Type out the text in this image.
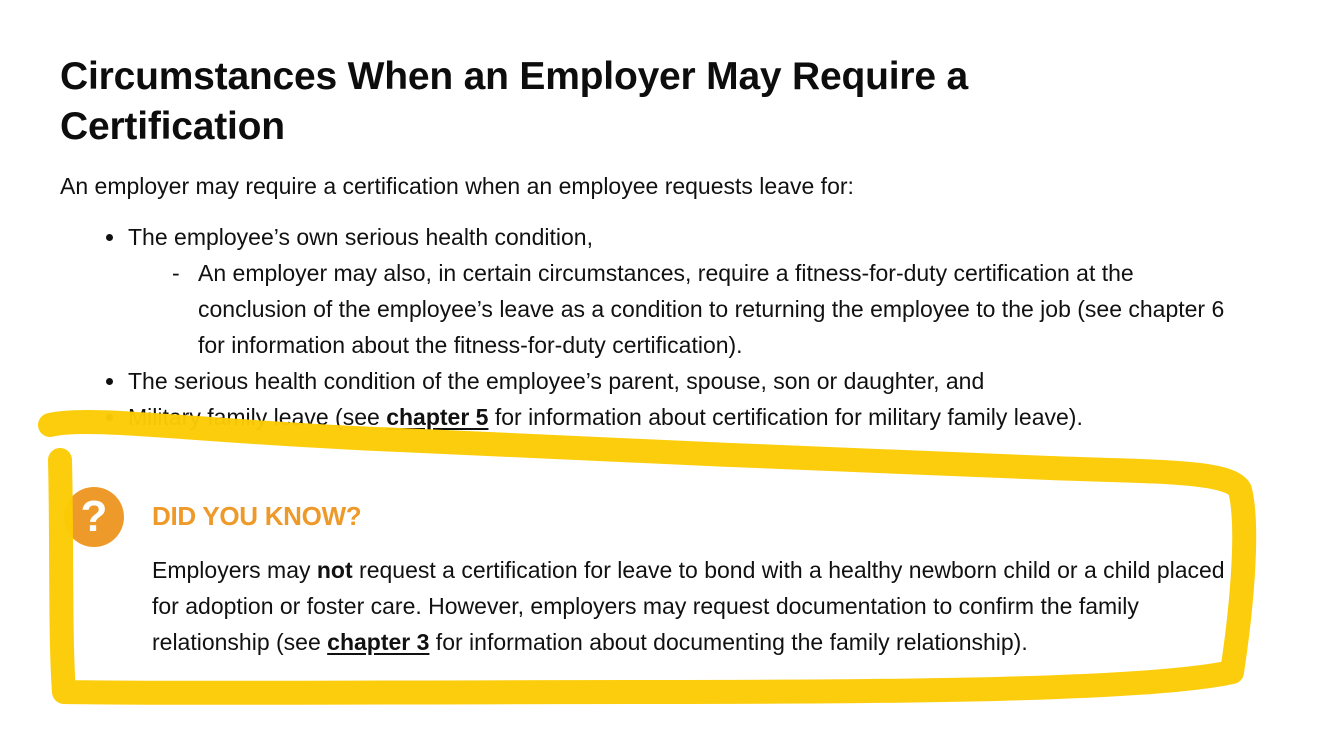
Circumstances When an Employer May Require a Certification

An employer may require a certification when an employee requests leave for:

The employee’s own serious health condition,

- An employer may also, in certain circumstances, require a fitness-for-duty certification at the conclusion of the employee’s leave as a condition to returning the employee to the job (see chapter 6 for information about the fitness-for-duty certification).

The serious health condition of the employee’s parent, spouse, son or daughter, and

Military family leave (see chapter 5 for information about certification for military family leave).

?	DID YOU KNOW?

Employers may not request a certification for leave to bond with a healthy newborn child or a child placed for adoption or foster care. However, employers may request documentation to confirm the family relationship (see chapter 3 for information about documenting the family relationship).
